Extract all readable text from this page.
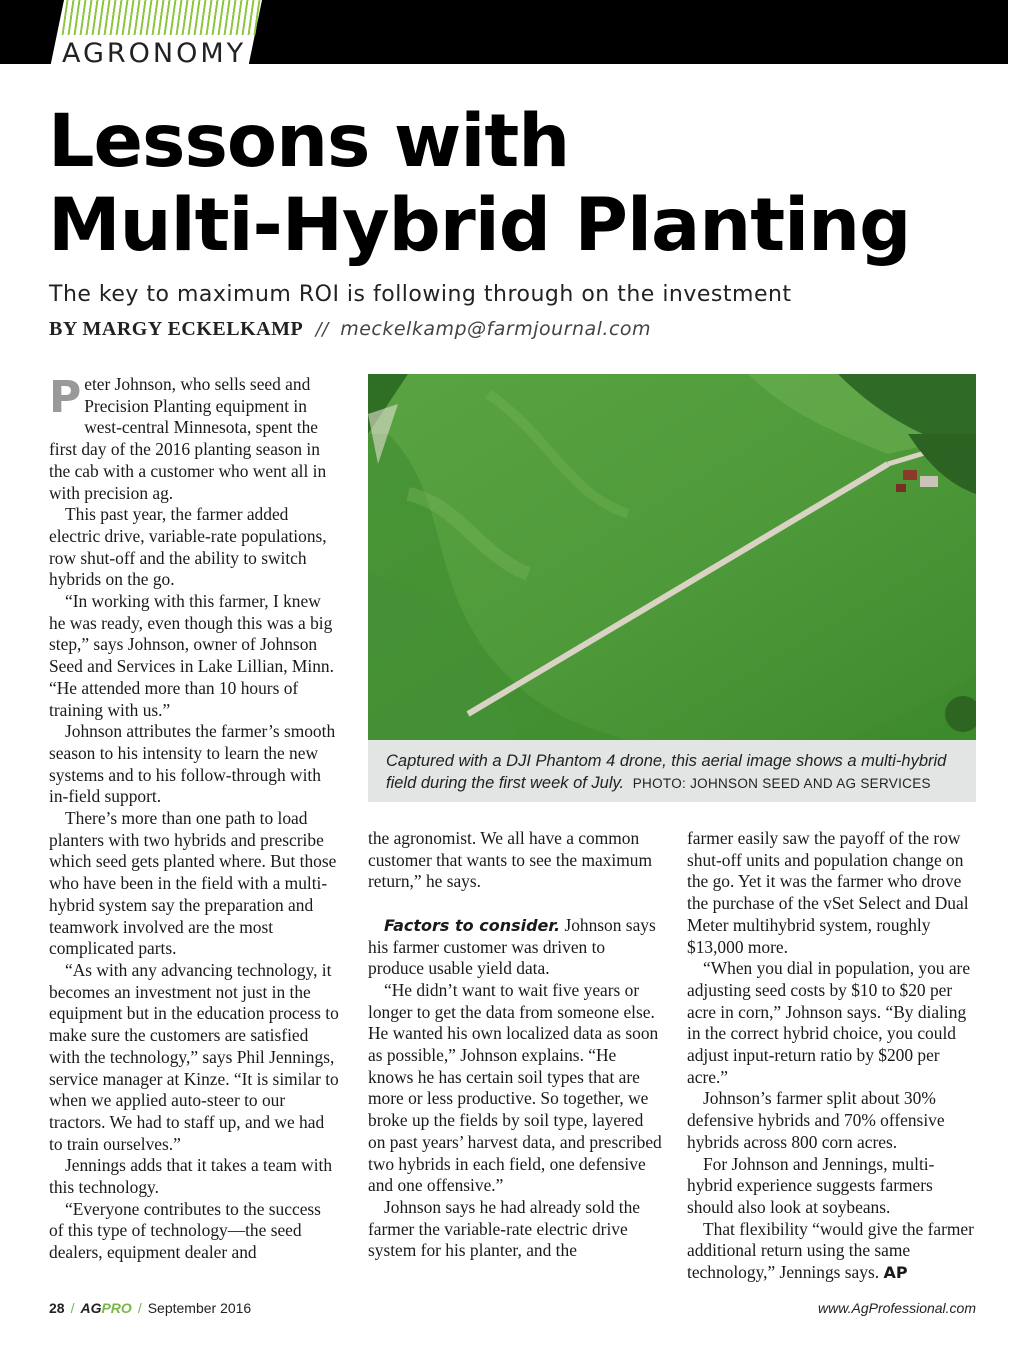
AGRONOMY
Lessons with
Multi-Hybrid Planting
The key to maximum ROI is following through on the investment
BY MARGY ECKELKAMP // meckelkamp@farmjournal.com

Peter Johnson, who sells seed and Precision Planting equipment in west-central Minnesota, spent the first day of the 2016 planting season in the cab with a customer who went all in with precision ag.

This past year, the farmer added electric drive, variable-rate populations, row shut-off and the ability to switch hybrids on the go.

“In working with this farmer, I knew he was ready, even though this was a big step,” says Johnson, owner of Johnson Seed and Services in Lake Lillian, Minn. “He attended more than 10 hours of training with us.”

Johnson attributes the farmer’s smooth season to his intensity to learn the new systems and to his follow-through with in-field support.

There’s more than one path to load planters with two hybrids and prescribe which seed gets planted where. But those who have been in the field with a multi-hybrid system say the preparation and teamwork involved are the most complicated parts.

“As with any advancing technology, it becomes an investment not just in the equipment but in the education process to make sure the customers are satisfied with the technology,” says Phil Jennings, service manager at Kinze. “It is similar to when we applied auto-steer to our tractors. We had to staff up, and we had to train ourselves.”

Jennings adds that it takes a team with this technology.

“Everyone contributes to the success of this type of technology—the seed dealers, equipment dealer and

Captured with a DJI Phantom 4 drone, this aerial image shows a multi-hybrid field during the first week of July. PHOTO: JOHNSON SEED AND AG SERVICES

the agronomist. We all have a common customer that wants to see the maximum return,” he says.

Factors to consider. Johnson says his farmer customer was driven to produce usable yield data.

“He didn’t want to wait five years or longer to get the data from someone else. He wanted his own localized data as soon as possible,” Johnson explains. “He knows he has certain soil types that are more or less productive. So together, we broke up the fields by soil type, layered on past years’ harvest data, and prescribed two hybrids in each field, one defensive and one offensive.”

Johnson says he had already sold the farmer the variable-rate electric drive system for his planter, and the

farmer easily saw the payoff of the row shut-off units and population change on the go. Yet it was the farmer who drove the purchase of the vSet Select and Dual Meter multihybrid system, roughly $13,000 more.

“When you dial in population, you are adjusting seed costs by $10 to $20 per acre in corn,” Johnson says. “By dialing in the correct hybrid choice, you could adjust input-return ratio by $200 per acre.”

Johnson’s farmer split about 30% defensive hybrids and 70% offensive hybrids across 800 corn acres.

For Johnson and Jennings, multi-hybrid experience suggests farmers should also look at soybeans.

That flexibility “would give the farmer additional return using the same technology,” Jennings says. AP

28 / AGPRO / September 2016	www.AgProfessional.com
